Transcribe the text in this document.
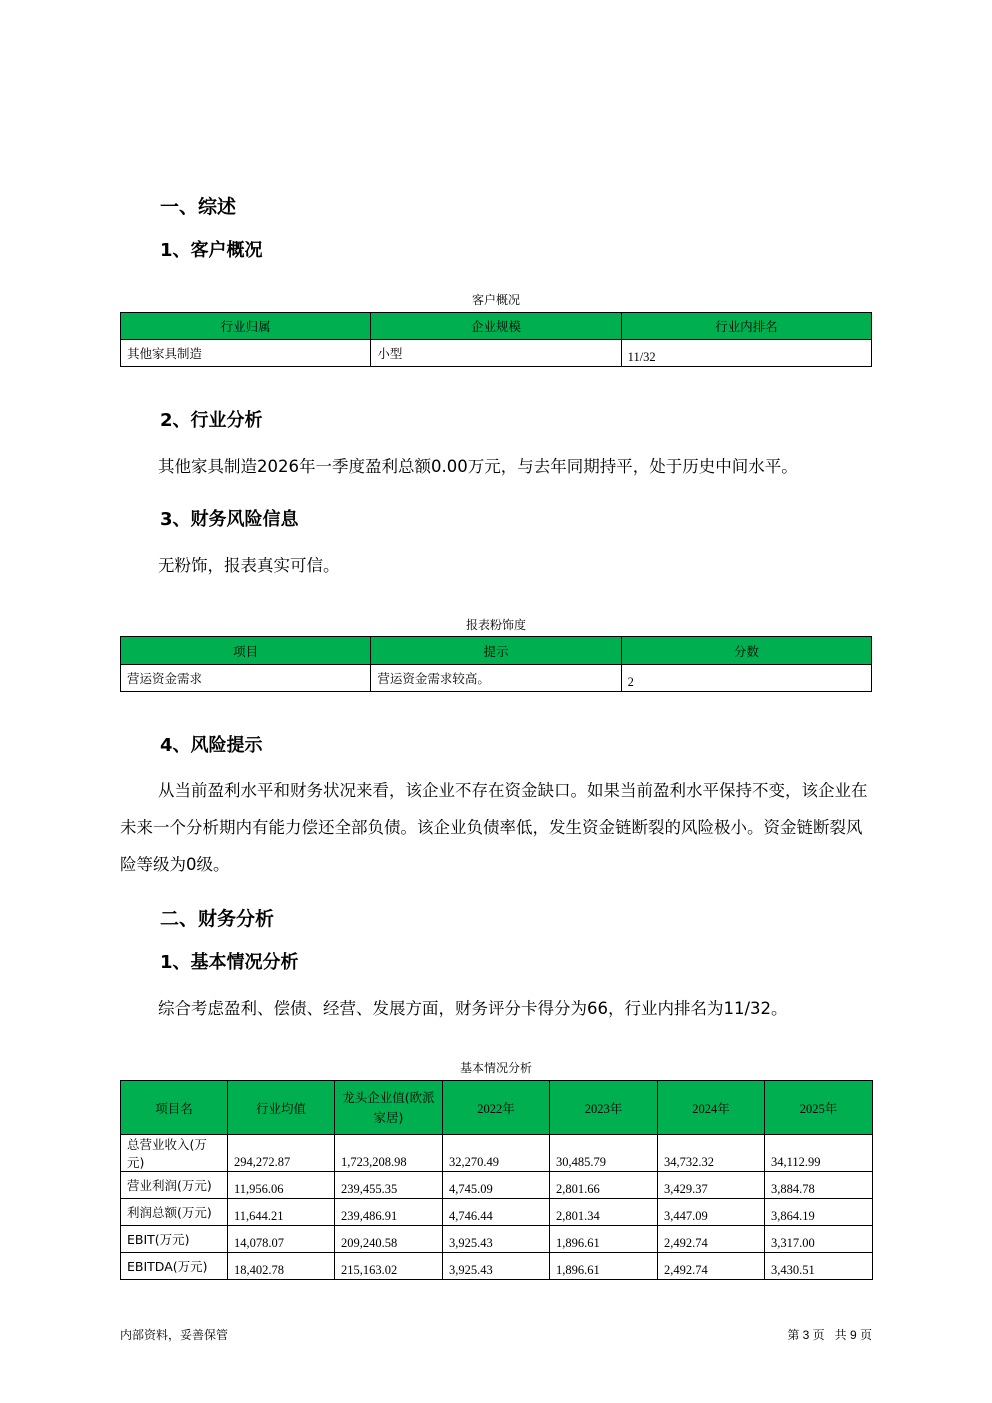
一、综述
1、客户概况
客户概况
行业归属	企业规模	行业内排名
其他家具制造	小型	11/32
2、行业分析
其他家具制造2026年一季度盈利总额0.00万元，与去年同期持平，处于历史中间水平。
3、财务风险信息
无粉饰，报表真实可信。
报表粉饰度
项目	提示	分数
营运资金需求	营运资金需求较高。	2
4、风险提示
从当前盈利水平和财务状况来看，该企业不存在资金缺口。如果当前盈利水平保持不变，该企业在未来一个分析期内有能力偿还全部负债。该企业负债率低，发生资金链断裂的风险极小。资金链断裂风险等级为0级。
二、财务分析
1、基本情况分析
综合考虑盈利、偿债、经营、发展方面，财务评分卡得分为66，行业内排名为11/32。
基本情况分析
项目名	行业均值	龙头企业值(欧派家居)	2022年	2023年	2024年	2025年
总营业收入(万元)	294,272.87	1,723,208.98	32,270.49	30,485.79	34,732.32	34,112.99
营业利润(万元)	11,956.06	239,455.35	4,745.09	2,801.66	3,429.37	3,884.78
利润总额(万元)	11,644.21	239,486.91	4,746.44	2,801.34	3,447.09	3,864.19
EBIT(万元)	14,078.07	209,240.58	3,925.43	1,896.61	2,492.74	3,317.00
EBITDA(万元)	18,402.78	215,163.02	3,925.43	1,896.61	2,492.74	3,430.51
内部资料，妥善保管	第 3 页   共 9 页
